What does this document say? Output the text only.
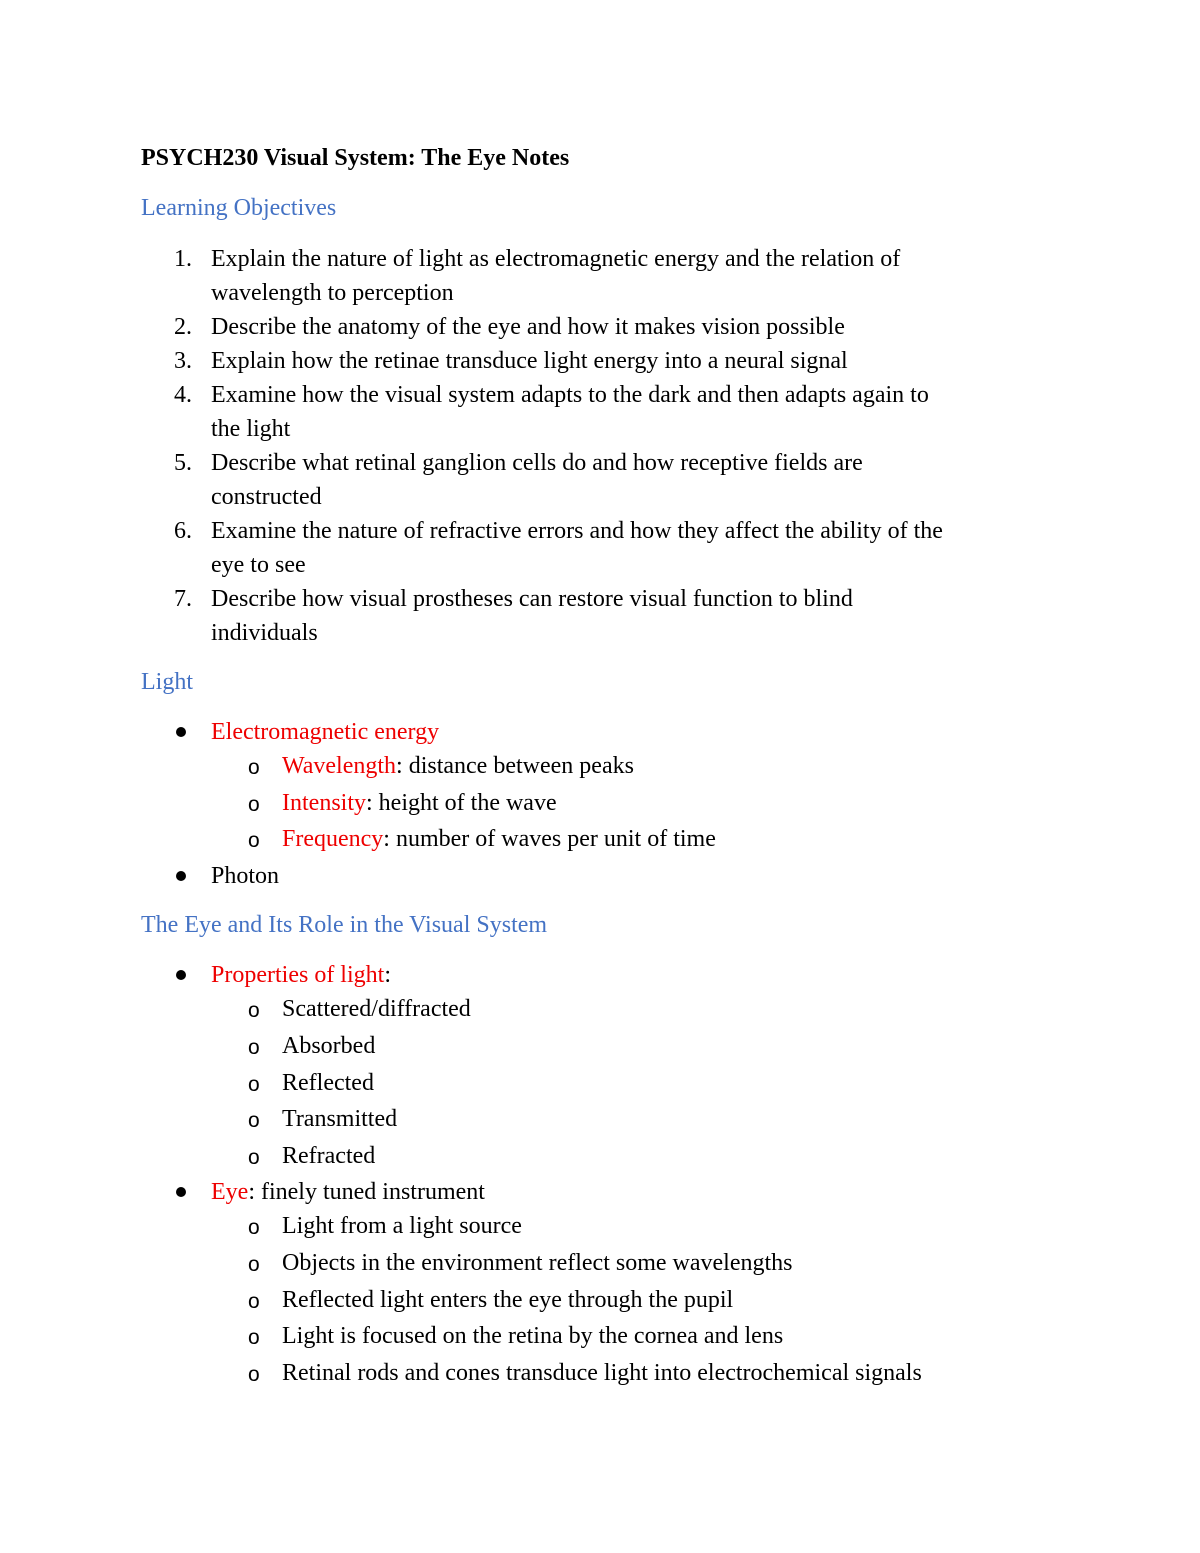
PSYCH230 Visual System: The Eye Notes
Learning Objectives
1. Explain the nature of light as electromagnetic energy and the relation of
wavelength to perception
2. Describe the anatomy of the eye and how it makes vision possible
3. Explain how the retinae transduce light energy into a neural signal
4. Examine how the visual system adapts to the dark and then adapts again to
the light
5. Describe what retinal ganglion cells do and how receptive fields are
constructed
6. Examine the nature of refractive errors and how they affect the ability of the
eye to see
7. Describe how visual prostheses can restore visual function to blind
individuals
Light
Electromagnetic energy
o Wavelength: distance between peaks
o Intensity: height of the wave
o Frequency: number of waves per unit of time
Photon
The Eye and Its Role in the Visual System
Properties of light:
o Scattered/diffracted
o Absorbed
o Reflected
o Transmitted
o Refracted
Eye: finely tuned instrument
o Light from a light source
o Objects in the environment reflect some wavelengths
o Reflected light enters the eye through the pupil
o Light is focused on the retina by the cornea and lens
o Retinal rods and cones transduce light into electrochemical signals
